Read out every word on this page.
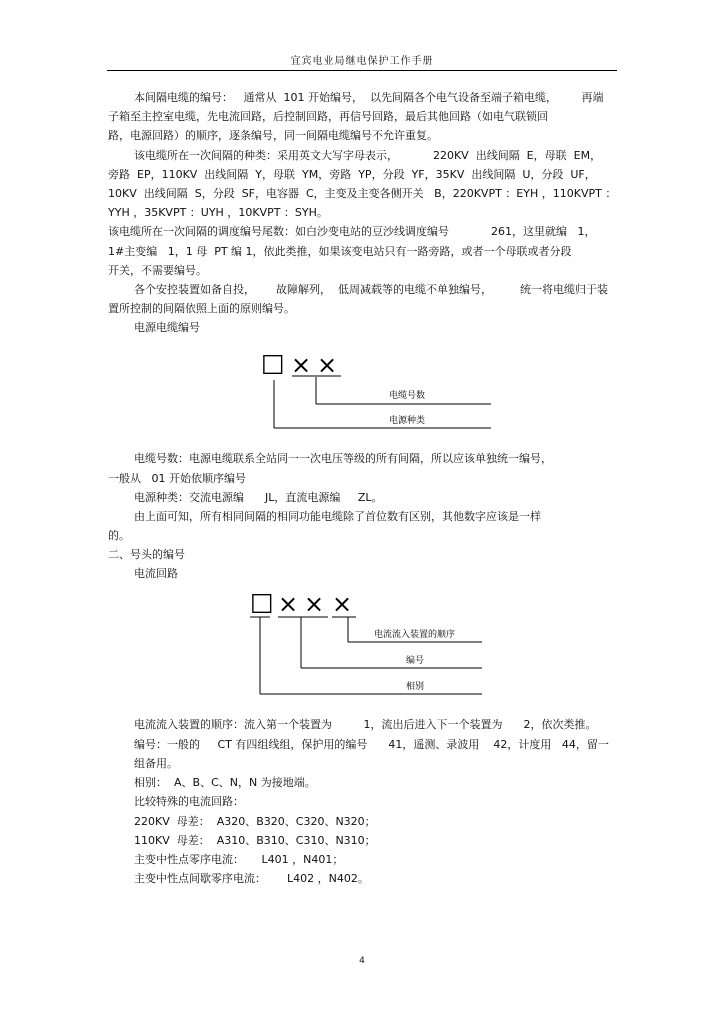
宜宾电业局继电保护工作手册
本间隔电缆的编号：   通常从  101 开始编号，  以先间隔各个电气设备至端子箱电缆，       再端
子箱至主控室电缆，先电流回路，后控制回路，再信号回路，最后其他回路（如电气联锁回
路，电源回路）的顺序，逐条编号，同一间隔电缆编号不允许重复。
该电缆所在一次间隔的种类：采用英文大写字母表示，          220KV  出线间隔  E，母联  EM，
旁路  EP，110KV  出线间隔  Y，母联  YM，旁路  YP，分段  YF，35KV  出线间隔  U，分段  UF，
10KV  出线间隔  S，分段  SF，电容器  C，主变及主变各侧开关   B，220KVPT ：EYH ，110KVPT ：
YYH ，35KVPT ：UYH ，10KVPT ：SYH。
该电缆所在一次间隔的调度编号尾数：如白沙变电站的豆沙线调度编号            261，这里就编   1，
1#主变编   1，1 母  PT 编 1，依此类推，如果该变电站只有一路旁路，或者一个母联或者分段
开关，不需要编号。
各个安控装置如备自投，      故障解列，  低周减载等的电缆不单独编号，        统一将电缆归于装
置所控制的间隔依照上面的原则编号。
电源电缆编号
□ × ×
电缆号数
电源种类
电缆号数：电源电缆联系全站同一一次电压等级的所有间隔，所以应该单独统一编号，
一般从   01 开始依顺序编号
电源种类：交流电源编      JL，直流电源编     ZL。
由上面可知，所有相同间隔的相同功能电缆除了首位数有区别，其他数字应该是一样
的。
二、号头的编号
电流回路
□ × × ×
电流流入装置的顺序
编号
相别
电流流入装置的顺序：流入第一个装置为         1，流出后进入下一个装置为      2，依次类推。
编号：一般的     CT 有四组线组，保护用的编号      41，遥测、录波用    42，计度用   44，留一
组备用。
相别：  A、B、C、N，N 为接地端。
比较特殊的电流回路：
220KV  母差：  A320、B320、C320、N320；
110KV  母差：  A310、B310、C310、N310；
主变中性点零序电流：     L401 ，N401；
主变中性点间歇零序电流：      L402 ，N402。
4
